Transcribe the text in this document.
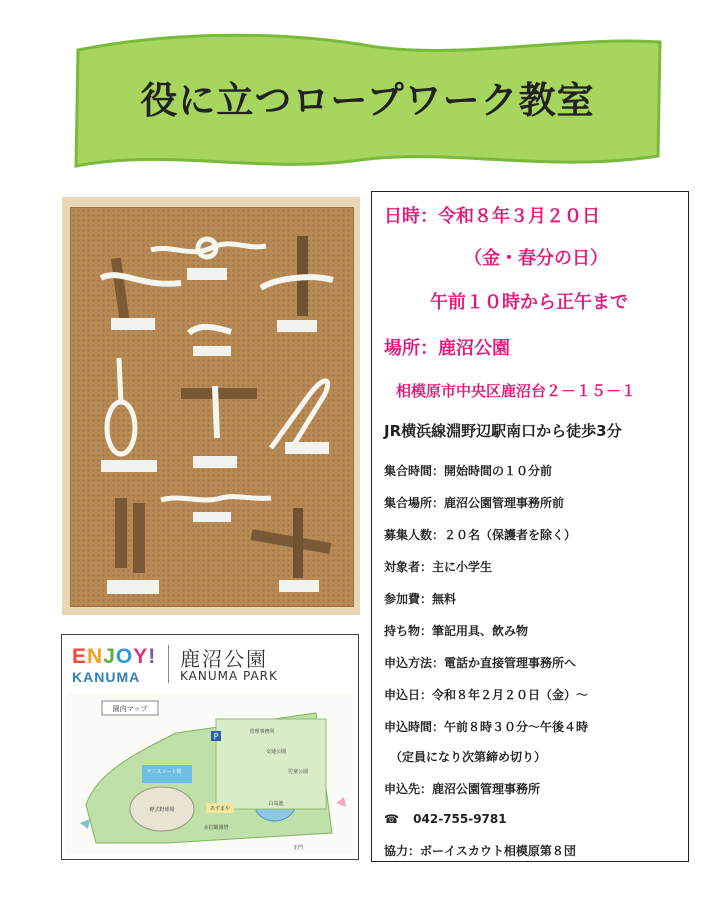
役に立つロープワーク教室
日時：令和８年３月２０日
（金・春分の日）
午前１０時から正午まで
場所：鹿沼公園
相模原市中央区鹿沼台２－１５－１
JR横浜線淵野辺駅南口から徒歩3分
集合時間：開始時間の１０分前
集合場所：鹿沼公園管理事務所前
募集人数：２０名（保護者を除く）
対象者：主に小学生
参加費：無料
持ち物：筆記用具、飲み物
申込方法：電話か直接管理事務所へ
申込日：令和８年２月２０日（金）～
申込時間：午前８時３０分～午後４時
（定員になり次第締め切り）
申込先：鹿沼公園管理事務所
☎ 042-755-9781
協力：ボーイスカウト相模原第８団
ENJOY!
KANUMA
鹿沼公園
KANUMA PARK
園内マップ
P
テニスコート場
軽式野球場	あずまや
水位観測塔
白鳥池
交通公園
管理事務所
児童公園
正門
